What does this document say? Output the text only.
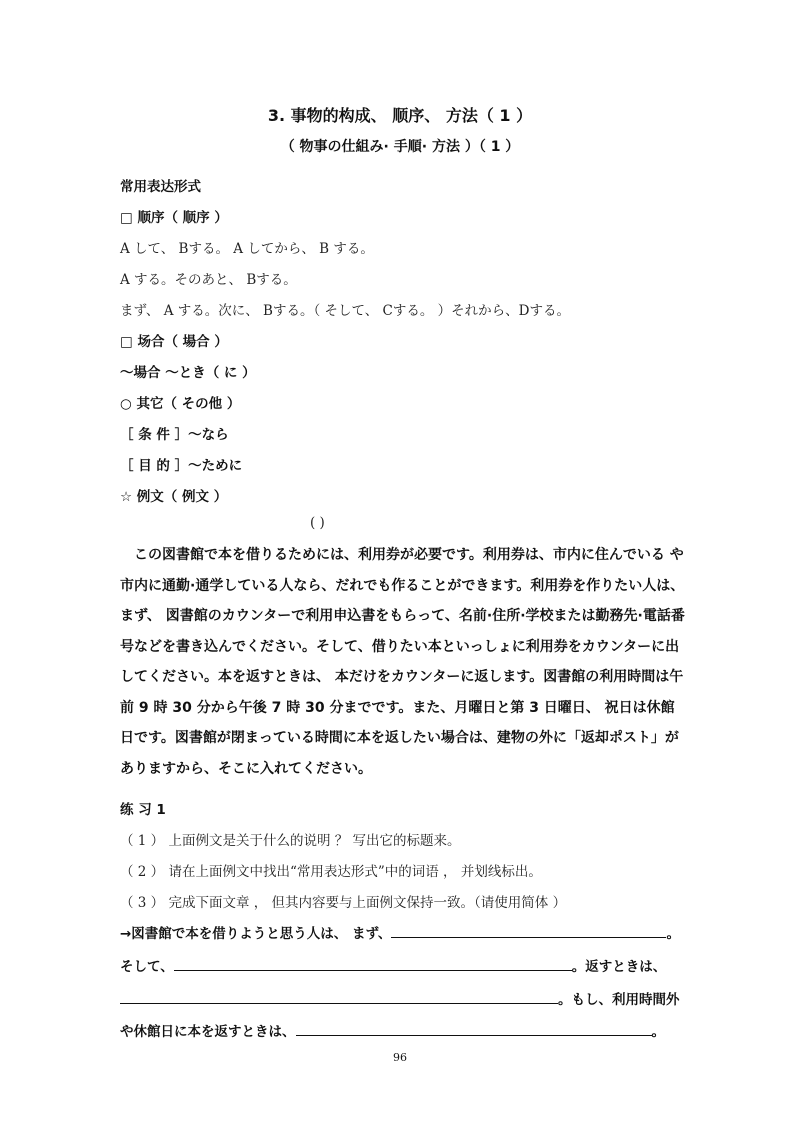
3. 事物的构成、 顺序、 方法（ 1 ）
（ 物事の仕組み· 手順· 方法 ）（ 1 ）
常用表达形式
□ 顺序（ 顺序 ）
A して、 Bする。 A してから、 B する。
A する。そのあと、 Bする。
まず、 A する。次に、 Bする。（ そして、 Cする。 ）それから、Dする。
□ 场合（ 場合 ）
～場合 ～とき（ に ）
○ 其它（ その他 ）
［ 条 件 ］～なら
［ 目 的 ］～ために
☆ 例文（ 例文 ）
( )
　この図書館で本を借りるためには、利用券が必要です。利用券は、市内に住んでいる や市内に通勤·通学している人なら、だれでも作ることができます。利用券を作りたい人は、まず、 図書館のカウンターで利用申込書をもらって、名前·住所·学校または勤務先·電話番号などを書き込んでください。そして、借りたい本といっしょに利用券をカウンターに出してください。本を返すときは、 本だけをカウンターに返します。図書館の利用時間は午前 9 時 30 分から午後 7 時 30 分までです。また、月曜日と第 3 日曜日、 祝日は休館日です。図書館が閉まっている時間に本を返したい場合は、建物の外に「返却ポスト」がありますから、そこに入れてください。
练 习 1
（ 1 ） 上面例文是关于什么的说明 ？ 写出它的标题来。
（ 2 ） 请在上面例文中找出“常用表达形式”中的词语 ， 并划线标出。
（ 3 ） 完成下面文章 ， 但其内容要与上面例文保持一致。（请使用简体 ）
→図書館で本を借りようと思う人は、 まず、	。
そして、	。返すときは、
。もし、利用時間外
や休館日に本を返すときは、	。
96
